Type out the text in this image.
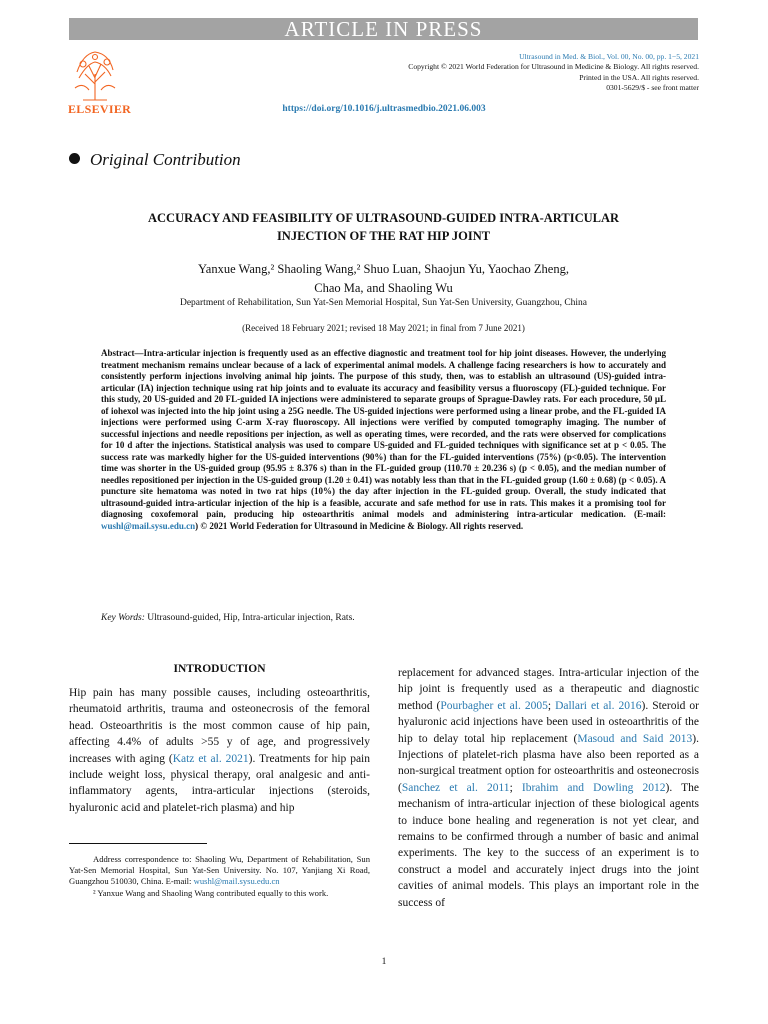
ARTICLE IN PRESS
ELSEVIER
Ultrasound in Med. & Biol., Vol. 00, No. 00, pp. 1−5, 2021
Copyright © 2021 World Federation for Ultrasound in Medicine & Biology. All rights reserved.
Printed in the USA. All rights reserved.
0301-5629/$ - see front matter
https://doi.org/10.1016/j.ultrasmedbio.2021.06.003
Original Contribution
ACCURACY AND FEASIBILITY OF ULTRASOUND-GUIDED INTRA-ARTICULAR
INJECTION OF THE RAT HIP JOINT
Yanxue Wang,² Shaoling Wang,² Shuo Luan, Shaojun Yu, Yaochao Zheng,
Chao Ma, and Shaoling Wu
Department of Rehabilitation, Sun Yat-Sen Memorial Hospital, Sun Yat-Sen University, Guangzhou, China
(Received 18 February 2021; revised 18 May 2021; in final from 7 June 2021)
Abstract—Intra-articular injection is frequently used as an effective diagnostic and treatment tool for hip joint diseases. However, the underlying treatment mechanism remains unclear because of a lack of experimental animal models. A challenge facing researchers is how to accurately and consistently perform injections involving animal hip joints. The purpose of this study, then, was to establish an ultrasound (US)-guided intra-articular (IA) injection technique using rat hip joints and to evaluate its accuracy and feasibility versus a fluoroscopy (FL)-guided technique. For this study, 20 US-guided and 20 FL-guided IA injections were administered to separate groups of Sprague-Dawley rats. For each procedure, 50 μL of iohexol was injected into the hip joint using a 25G needle. The US-guided injections were performed using a linear probe, and the FL-guided IA injections were performed using C-arm X-ray fluoroscopy. All injections were verified by computed tomography imaging. The number of successful injections and needle repositions per injection, as well as operating times, were recorded, and the rats were observed for complications for 10 d after the injections. Statistical analysis was used to compare US-guided and FL-guided techniques with significance set at p < 0.05. The success rate was markedly higher for the US-guided interventions (90%) than for the FL-guided interventions (75%) (p<0.05). The intervention time was shorter in the US-guided group (95.95 ± 8.376 s) than in the FL-guided group (110.70 ± 20.236 s) (p < 0.05), and the median number of needles repositioned per injection in the US-guided group (1.20 ± 0.41) was notably less than that in the FL-guided group (1.60 ± 0.68) (p < 0.05). A puncture site hematoma was noted in two rat hips (10%) the day after injection in the FL-guided group. Overall, the study indicated that ultrasound-guided intra-articular injection of the hip is a feasible, accurate and safe method for use in rats. This makes it a promising tool for diagnosing coxofemoral pain, producing hip osteoarthritis animal models and administering intra-articular medication. (E-mail: wushl@mail.sysu.edu.cn) © 2021 World Federation for Ultrasound in Medicine & Biology. All rights reserved.
Key Words: Ultrasound-guided, Hip, Intra-articular injection, Rats.
INTRODUCTION
Hip pain has many possible causes, including osteoarthritis, rheumatoid arthritis, trauma and osteonecrosis of the femoral head. Osteoarthritis is the most common cause of hip pain, affecting 4.4% of adults >55 y of age, and progressively increases with aging (Katz et al. 2021). Treatments for hip pain include weight loss, physical therapy, oral analgesic and anti-inflammatory agents, intra-articular injections (steroids, hyaluronic acid and platelet-rich plasma) and hip
replacement for advanced stages. Intra-articular injection of the hip joint is frequently used as a therapeutic and diagnostic method (Pourbagher et al. 2005; Dallari et al. 2016). Steroid or hyaluronic acid injections have been used in osteoarthritis of the hip to delay total hip replacement (Masoud and Said 2013). Injections of platelet-rich plasma have also been reported as a non-surgical treatment option for osteoarthritis and osteonecrosis (Sanchez et al. 2011; Ibrahim and Dowling 2012). The mechanism of intra-articular injection of these biological agents to induce bone healing and regeneration is not yet clear, and remains to be confirmed through a number of basic and animal experiments. The key to the success of an experiment is to construct a model and accurately inject drugs into the joint cavities of animal models. This plays an important role in the success of
Address correspondence to: Shaoling Wu, Department of Rehabilitation, Sun Yat-Sen Memorial Hospital, Sun Yat-Sen University. No. 107, Yanjiang Xi Road, Guangzhou 510030, China. E-mail: wushl@mail.sysu.edu.cn
² Yanxue Wang and Shaoling Wang contributed equally to this work.
1
